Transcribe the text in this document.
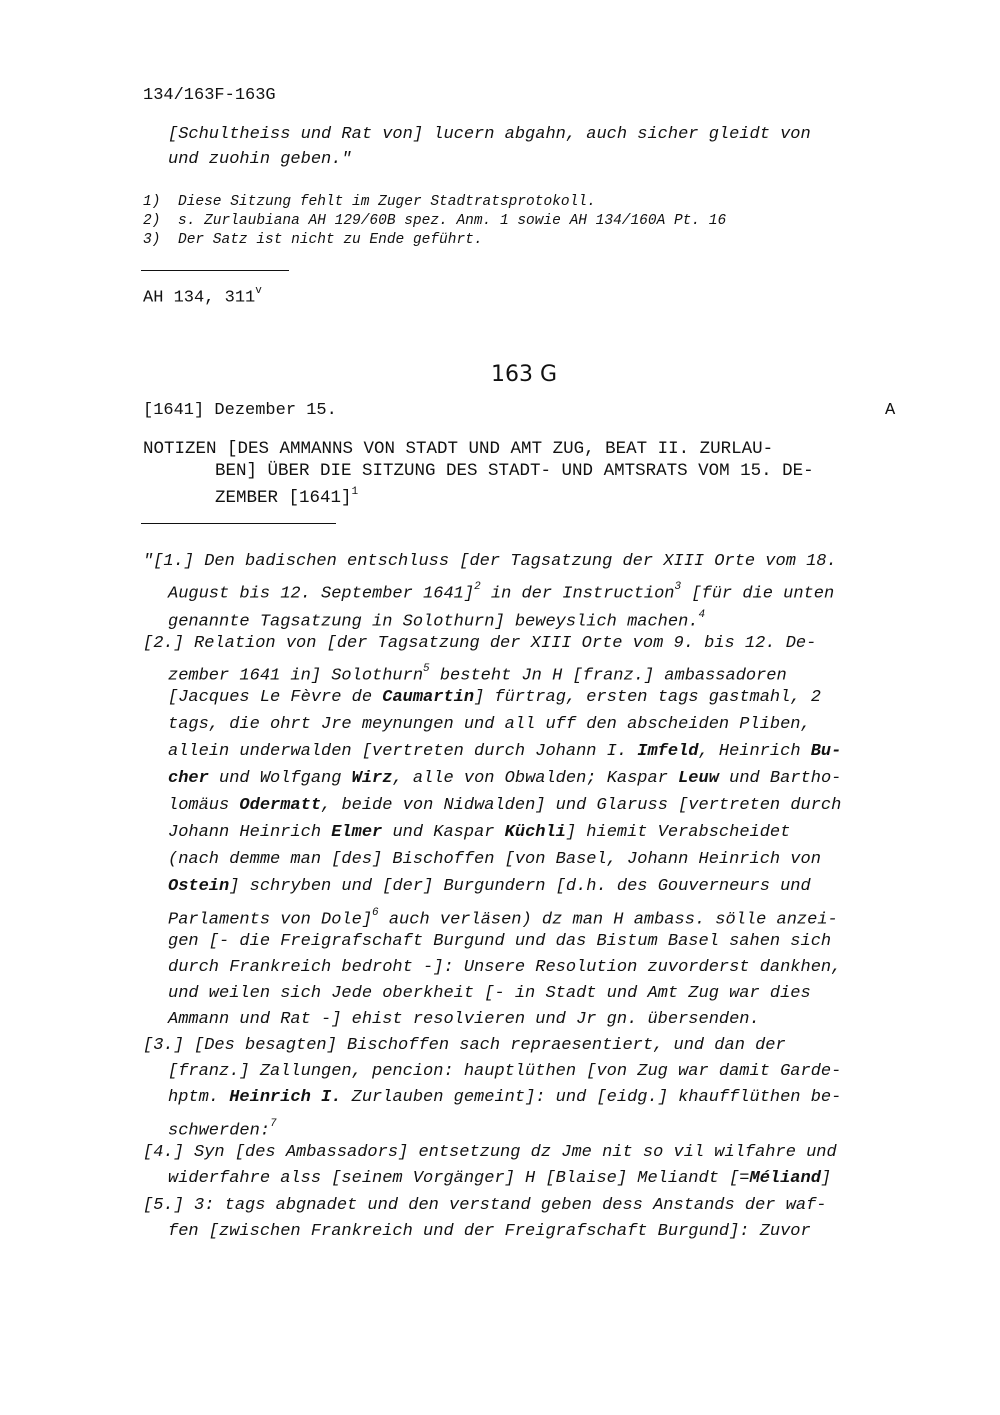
134/163F-163G
[Schultheiss und Rat von] lucern abgahn, auch sicher gleidt von
und zuohin geben."
1) Diese Sitzung fehlt im Zuger Stadtratsprotokoll.
2) s. Zurlaubiana AH 129/60B spez. Anm. 1 sowie AH 134/160A Pt. 16
3) Der Satz ist nicht zu Ende geführt.
AH 134, 311$^v$
163 G
[1641] Dezember 15.	A
NOTIZEN [DES AMMANNS VON STADT UND AMT ZUG, BEAT II. ZURLAU-
BEN] ÜBER DIE SITZUNG DES STADT- UND AMTSRATS VOM 15. DE-
ZEMBER $[1641]^1$
"[1.] Den badischen entschluss [der Tagsatzung der XIII Orte vom 18.
August bis 12. September 1641]$^2$ in der Instruction$^3$ [für die unten
genannte Tagsatzung in Solothurn] beweyslich machen.$^4$
[2.] Relation von [der Tagsatzung der XIII Orte vom 9. bis 12. De-
zember 1641 in] Solothurn$^5$ besteht Jn H [franz.] ambassadoren
[Jacques Le Fèvre de Caumartin] fürtrag, ersten tags gastmahl, 2
tags, die ohrt Jre meynungen und all uff den abscheiden Pliben,
allein underwalden [vertreten durch Johann I. Imfeld, Heinrich Bu-
cher und Wolfgang Wirz, alle von Obwalden; Kaspar Leuw und Bartho-
lomäus Odermatt, beide von Nidwalden] und Glaruss [vertreten durch
Johann Heinrich Elmer und Kaspar Küchli] hiemit Verabscheidet
(nach demme man [des] Bischoffen [von Basel, Johann Heinrich von
Ostein] schryben und [der] Burgundern [d.h. des Gouverneurs und
Parlaments von Dole]$^6$ auch verläsen) dz man H ambass. sölle anzei-
gen [- die Freigrafschaft Burgund und das Bistum Basel sahen sich
durch Frankreich bedroht -]: Unsere Resolution zuvorderst dankhen,
und weilen sich Jede oberkheit [- in Stadt und Amt Zug war dies
Ammann und Rat -] ehist resolvieren und Jr gn. übersenden.
[3.] [Des besagten] Bischoffen sach repraesentiert, und dan der
[franz.] Zallungen, pencion: hauptlüthen [von Zug war damit Garde-
hptm. Heinrich I. Zurlauben gemeint]: und [eidg.] khaufflüthen be-
schwerden:$^7$
[4.] Syn [des Ambassadors] entsetzung dz Jme nit so vil wilfahre und
widerfahre alss [seinem Vorgänger] H [Blaise] Meliandt [=Méliand]
[5.] 3: tags abgnadet und den verstand geben dess Anstands der waf-
fen [zwischen Frankreich und der Freigrafschaft Burgund]: Zuvor
